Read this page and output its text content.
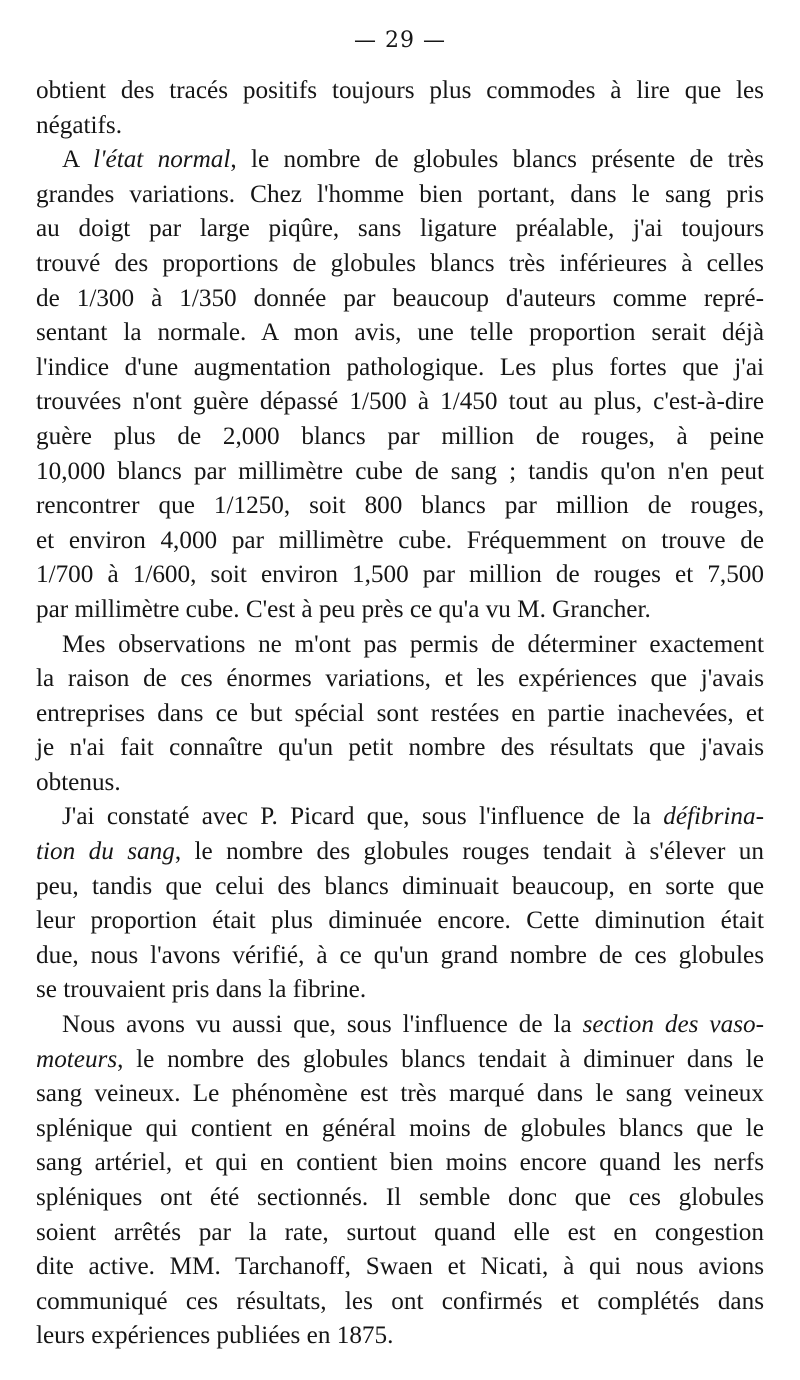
— 29 —
obtient des tracés positifs toujours plus commodes à lire que les
négatifs.
A l'état normal, le nombre de globules blancs présente de très
grandes variations. Chez l'homme bien portant, dans le sang pris
au doigt par large piqûre, sans ligature préalable, j'ai toujours
trouvé des proportions de globules blancs très inférieures à celles
de 1/300 à 1/350 donnée par beaucoup d'auteurs comme repré-
sentant la normale. A mon avis, une telle proportion serait déjà
l'indice d'une augmentation pathologique. Les plus fortes que j'ai
trouvées n'ont guère dépassé 1/500 à 1/450 tout au plus, c'est-à-dire
guère plus de 2,000 blancs par million de rouges, à peine
10,000 blancs par millimètre cube de sang ; tandis qu'on n'en peut
rencontrer que 1/1250, soit 800 blancs par million de rouges,
et environ 4,000 par millimètre cube. Fréquemment on trouve de
1/700 à 1/600, soit environ 1,500 par million de rouges et 7,500
par millimètre cube. C'est à peu près ce qu'a vu M. Grancher.
Mes observations ne m'ont pas permis de déterminer exactement
la raison de ces énormes variations, et les expériences que j'avais
entreprises dans ce but spécial sont restées en partie inachevées, et
je n'ai fait connaître qu'un petit nombre des résultats que j'avais
obtenus.
J'ai constaté avec P. Picard que, sous l'influence de la défibrina-
tion du sang, le nombre des globules rouges tendait à s'élever un
peu, tandis que celui des blancs diminuait beaucoup, en sorte que
leur proportion était plus diminuée encore. Cette diminution était
due, nous l'avons vérifié, à ce qu'un grand nombre de ces globules
se trouvaient pris dans la fibrine.
Nous avons vu aussi que, sous l'influence de la section des vaso-
moteurs, le nombre des globules blancs tendait à diminuer dans le
sang veineux. Le phénomène est très marqué dans le sang veineux
splénique qui contient en général moins de globules blancs que le
sang artériel, et qui en contient bien moins encore quand les nerfs
spléniques ont été sectionnés. Il semble donc que ces globules
soient arrêtés par la rate, surtout quand elle est en congestion
dite active. MM. Tarchanoff, Swaen et Nicati, à qui nous avions
communiqué ces résultats, les ont confirmés et complétés dans
leurs expériences publiées en 1875.
